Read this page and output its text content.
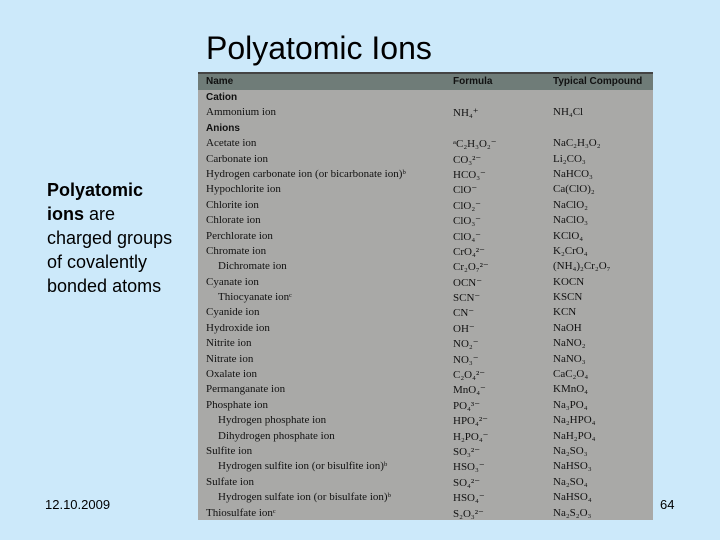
Polyatomic Ions
Polyatomic ions are charged groups of covalently bonded atoms
Name	Formula	Typical Compound
Cation
Ammonium ion	NH₄⁺	NH₄Cl
Anions
Acetate ion	ᵃC₂H₃O₂⁻	NaC₂H₃O₂
Carbonate ion	CO₃²⁻	Li₂CO₃
Hydrogen carbonate ion (or bicarbonate ion)ᵇ	HCO₃⁻	NaHCO₃
Hypochlorite ion	ClO⁻	Ca(ClO)₂
Chlorite ion	ClO₂⁻	NaClO₂
Chlorate ion	ClO₃⁻	NaClO₃
Perchlorate ion	ClO₄⁻	KClO₄
Chromate ion	CrO₄²⁻	K₂CrO₄
Dichromate ion	Cr₂O₇²⁻	(NH₄)₂Cr₂O₇
Cyanate ion	OCN⁻	KOCN
Thiocyanate ionᶜ	SCN⁻	KSCN
Cyanide ion	CN⁻	KCN
Hydroxide ion	OH⁻	NaOH
Nitrite ion	NO₂⁻	NaNO₂
Nitrate ion	NO₃⁻	NaNO₃
Oxalate ion	C₂O₄²⁻	CaC₂O₄
Permanganate ion	MnO₄⁻	KMnO₄
Phosphate ion	PO₄³⁻	Na₃PO₄
Hydrogen phosphate ion	HPO₄²⁻	Na₂HPO₄
Dihydrogen phosphate ion	H₂PO₄⁻	NaH₂PO₄
Sulfite ion	SO₃²⁻	Na₂SO₃
Hydrogen sulfite ion (or bisulfite ion)ᵇ	HSO₃⁻	NaHSO₃
Sulfate ion	SO₄²⁻	Na₂SO₄
Hydrogen sulfate ion (or bisulfate ion)ᵇ	HSO₄⁻	NaHSO₄
Thiosulfate ionᶜ	S₂O₃²⁻	Na₂S₂O₃
12.10.2009	64
